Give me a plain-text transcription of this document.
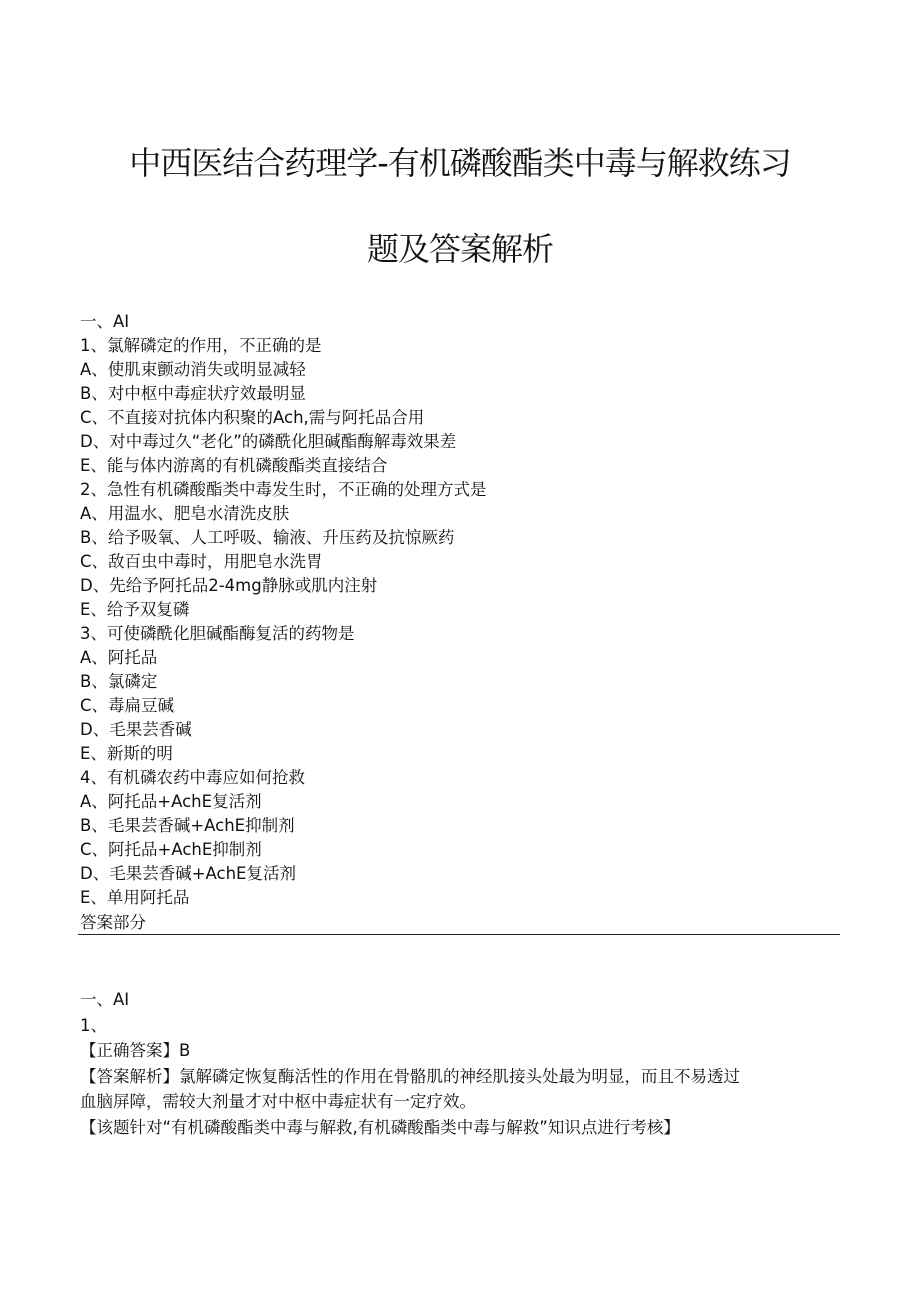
中西医结合药理学-有机磷酸酯类中毒与解救练习
题及答案解析
一、AI
1、氯解磷定的作用，不正确的是
A、使肌束颤动消失或明显减轻
B、对中枢中毒症状疗效最明显
C、不直接对抗体内积聚的Ach,需与阿托品合用
D、对中毒过久“老化”的磷酰化胆碱酯酶解毒效果差
E、能与体内游离的有机磷酸酯类直接结合
2、急性有机磷酸酯类中毒发生时，不正确的处理方式是
A、用温水、肥皂水清洗皮肤
B、给予吸氧、人工呼吸、输液、升压药及抗惊厥药
C、敌百虫中毒时，用肥皂水洗胃
D、先给予阿托品2-4mg静脉或肌内注射
E、给予双复磷
3、可使磷酰化胆碱酯酶复活的药物是
A、阿托品
B、氯磷定
C、毒扁豆碱
D、毛果芸香碱
E、新斯的明
4、有机磷农药中毒应如何抢救
A、阿托品+AchE复活剂
B、毛果芸香碱+AchE抑制剂
C、阿托品+AchE抑制剂
D、毛果芸香碱+AchE复活剂
E、单用阿托品
答案部分
一、AI
1、
【正确答案】B
【答案解析】氯解磷定恢复酶活性的作用在骨骼肌的神经肌接头处最为明显，而且不易透过
血脑屏障，需较大剂量才对中枢中毒症状有一定疗效。
【该题针对“有机磷酸酯类中毒与解救,有机磷酸酯类中毒与解救”知识点进行考核】
